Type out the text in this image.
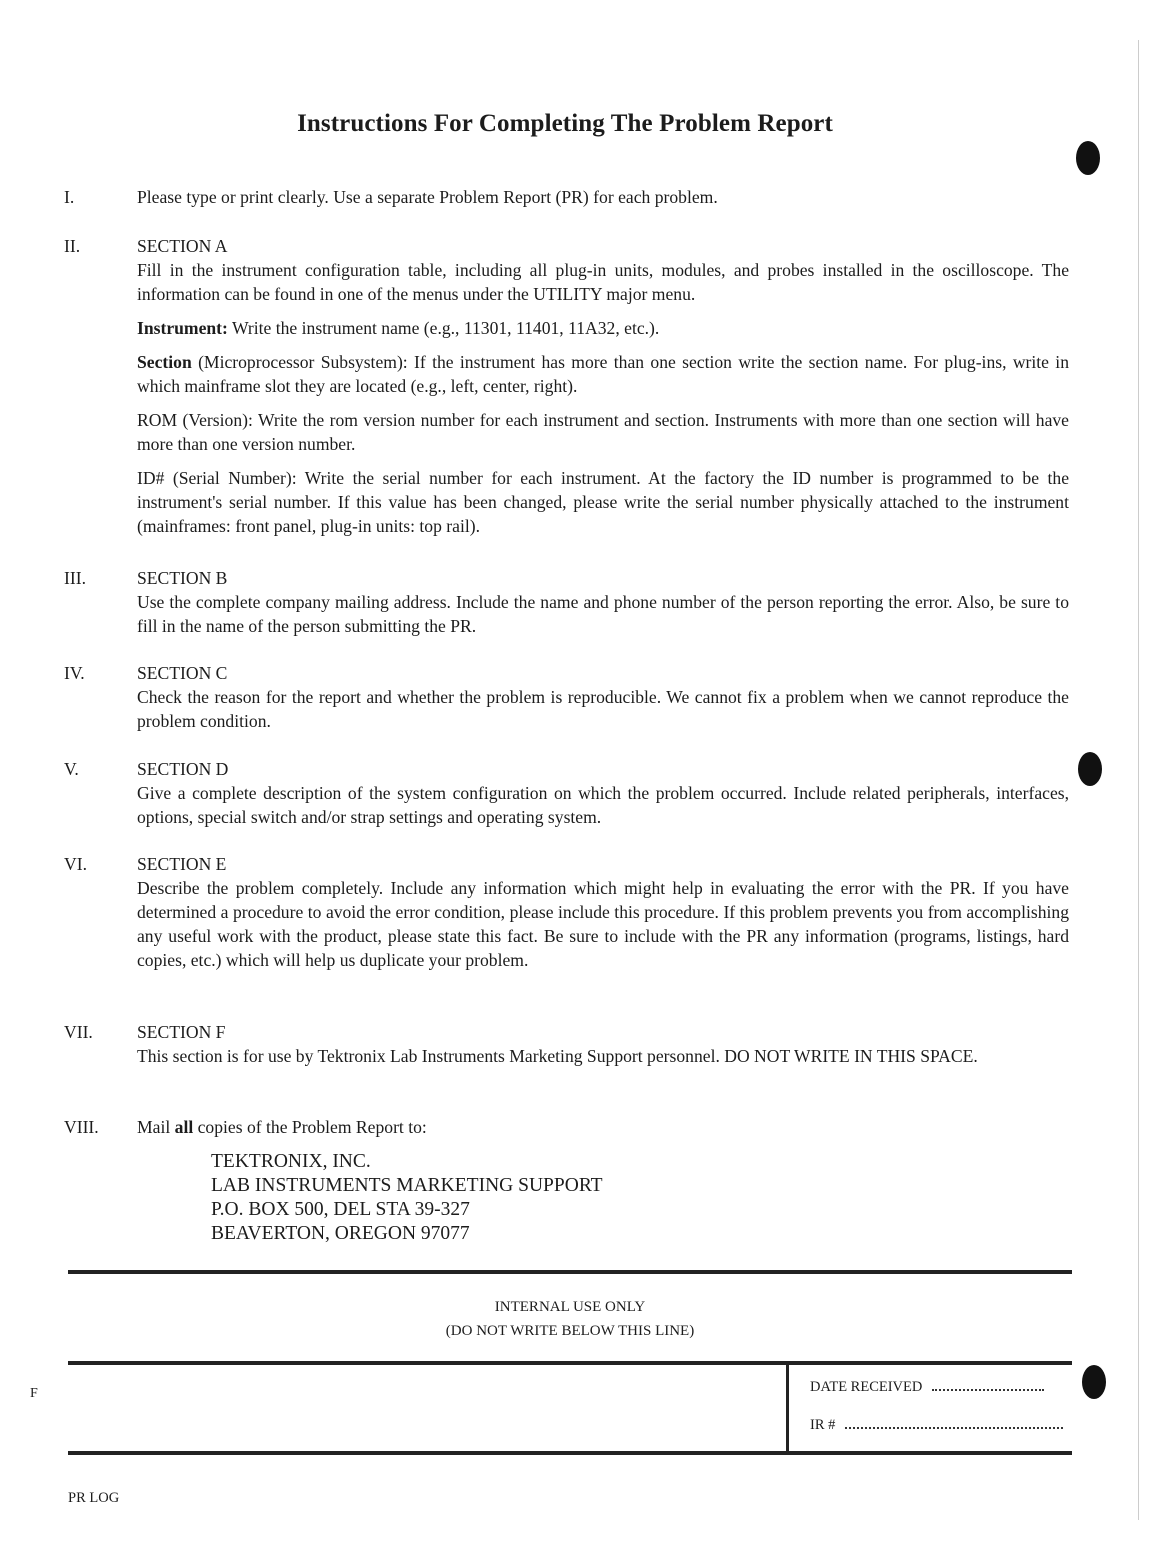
Instructions For Completing The Problem Report
I.	Please type or print clearly. Use a separate Problem Report (PR) for each problem.

II.	SECTION A

Fill in the instrument configuration table, including all plug-in units, modules, and probes installed in the oscilloscope. The information can be found in one of the menus under the UTILITY major menu.

Instrument: Write the instrument name (e.g., 11301, 11401, 11A32, etc.).

Section (Microprocessor Subsystem): If the instrument has more than one section write the section name. For plug-ins, write in which mainframe slot they are located (e.g., left, center, right).

ROM (Version): Write the rom version number for each instrument and section. Instruments with more than one section will have more than one version number.

ID# (Serial Number): Write the serial number for each instrument. At the factory the ID number is programmed to be the instrument's serial number. If this value has been changed, please write the serial number physically attached to the instrument (mainframes: front panel, plug-in units: top rail).

III.	SECTION B

Use the complete company mailing address. Include the name and phone number of the person reporting the error. Also, be sure to fill in the name of the person submitting the PR.

IV.	SECTION C

Check the reason for the report and whether the problem is reproducible. We cannot fix a problem when we cannot reproduce the problem condition.

V.	SECTION D

Give a complete description of the system configuration on which the problem occurred. Include related peripherals, interfaces, options, special switch and/or strap settings and operating system.

VI.	SECTION E

Describe the problem completely. Include any information which might help in evaluating the error with the PR. If you have determined a procedure to avoid the error condition, please include this procedure. If this problem prevents you from accomplishing any useful work with the product, please state this fact. Be sure to include with the PR any information (programs, listings, hard copies, etc.) which will help us duplicate your problem.

VII.	SECTION F

This section is for use by Tektronix Lab Instruments Marketing Support personnel. DO NOT WRITE IN THIS SPACE.

VIII. Mail all copies of the Problem Report to:

TEKTRONIX, INC.
LAB INSTRUMENTS MARKETING SUPPORT
P.O. BOX 500, DEL STA 39-327
BEAVERTON, OREGON 97077
INTERNAL USE ONLY
(DO NOT WRITE BELOW THIS LINE)
DATE RECEIVED
IR #
F
PR LOG
